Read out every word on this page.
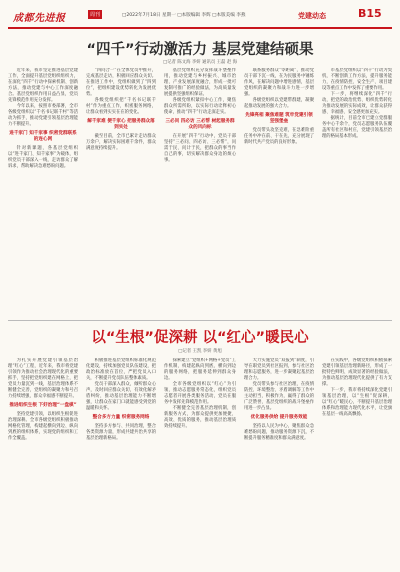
成都先进报	周刊	□2022年7月18日 星期一 □本版编辑 李辉 □本版美编 李燕	党建动态	B15
“四千”行动激活力 基层党建结硕果
□记者 陈文海 李妍 通讯员 王磊 赵 海

近年来，我市坚定推进基层党建工作，全面提升基层党组织组织力，在深化“四千”行动中探索机制、创新方法，推动党建与中心工作深度融合。基层党组织作用日益凸显，党员先锋模范作用充分发挥。

今年以来，按照市委部署，全市各级党组织以“千名书记联千村”等活动为抓手，推动党建引领基层治理能力不断提升。

进千家门 知千家事 织密党群联系的连心网

针对新课题，各基层党组织以“进千家门、知千家事”为载体，组织党员干部深入一线，走访群众了解诉求，帮助解决急难愁盼问题。

“四问合一”在全体党员中推开，完成基层走访，积极回应群众关切。在推进工作中，党组织做到了“四到位”，把组织建设优势转化为发展优势。

各级党组织把“千名书记联千村”作为重点工作，织密服务网络，让群众看到实实在在的变化。

解千家难 便千家心 把服务群众落到实处

截至目前，全市已累计走访群众万余户，解决实际困难千余件，群众满意度持续提升。

基层党组织充分发挥战斗堡垒作用，推动党建与乡村振兴、城市治理、产业发展深度融合，形成一批可复制可推广的经验做法，为高质量发展提供坚强组织保证。

各级党组织紧扣中心工作，聚焦群众所需所盼，以实际行动诠释初心使命，推动“四千”行动走深走实。

三必问 四必访 三必帮 树起服务群众的风向标

在开展“四千”行动中，党员干部坚持“三必问、四必访、三必帮”，问需于民、问计于民，把群众的事当作自己的事，切实解决群众身边的烦心事。

联系服务群众“零距离”，推动党员干部下沉一线，在为民服务中锤炼作风，在解决问题中增进感情，基层党组织的凝聚力和战斗力进一步增强。

各级党组织以党建带群建，凝聚起推动发展的强大合力。

先锋亮相 聚焦难题 筑牢党建引领坚强堡垒

党员带头攻坚克难，在急难险重任务中冲在前、干在先，充分展现了新时代共产党员的良好形象。

市基层党组织以“四千”行动为契机，不断创新工作方法，提升服务能力，在疫情防控、安全生产、项目建设等重点工作中发挥了重要作用。

下一步，将继续深化“四千”行动，把党的政治优势、组织优势转化为推动发展的实际成效，让群众获得感、幸福感、安全感更加充实。

据统计，目前全市已建立党群服务中心千余个，党员志愿服务队伍覆盖所有社区和村庄，党建引领基层治理的格局基本形成。

以“生根”促深耕 以“红心”暖民心
□记者 王凯 李妍 黄旭

为扎实开展党建引领基层治理“红心”工程，近年来，我市将党建引领作为推动社会治理现代化的重要抓手，坚持把党组织建在网格上，把党员力量沉到一线，基层治理体系不断健全完善，党组织的凝聚力和号召力持续增强，群众幸福感不断提升。

推进组织生根 下好治理“一盘棋”

坚持党建引领，以组织生根促进治理深耕。全市各级党组织积极推动网格化管理，构建起横向到边、纵向到底的组织体系，实现党的组织和工作全覆盖。

积极推进基层党组织标准化规范化建设，持续加强党员队伍建设，把政治标准放在首位，严把党员入口关，不断提升党员队伍整体素质。

党员干部深入群众，倾听群众心声，及时回应群众关切，有效化解矛盾纠纷，推动基层治理能力不断增强，让群众在家门口就能感受到党的温暖和关怀。

整合多方力量 织密服务网络

坚持多方参与、共同治理，整合各类资源力量，形成共建共治共享的基层治理新格局。

探索建立“党组织+网格+党员”工作机制，构建起纵向到底、横向到边的服务网络，把服务延伸到群众身边。

全市各级党组织以“红心”为引领，推动志愿服务常态化，组织党员志愿者开展各类服务活动，党员在服务中发挥先锋模范作用。

不断健全完善基层治理机制，创新服务方式，为群众提供更加便捷、高效、优质的服务，推动基层治理质效持续提升。

大力实施党员“双报到”制度，引导在职党员到社区报到，参与社区治理和志愿服务，进一步凝聚起基层治理合力。

党员带头参与社区治理，在疫情防控、环境整治、矛盾调解等工作中主动担当，积极作为，赢得了群众的广泛赞誉，基层党组织的战斗堡垒作用进一步凸显。

优化服务供给 提升服务效能

坚持以人民为中心，聚焦群众急难愁盼问题，推动服务资源下沉，不断提升服务精准度和群众满意度。

在实践中，各级党组织积极探索党建引领基层治理新路径，形成了一批特色鲜明、成效显著的经验做法，为推动基层治理现代化提供了有力支撑。

下一步，我市将持续深化党建引领基层治理，以“生根”促深耕，以“红心”暖民心，不断提升基层治理体系和治理能力现代化水平，让党旗在基层一线高高飘扬。
